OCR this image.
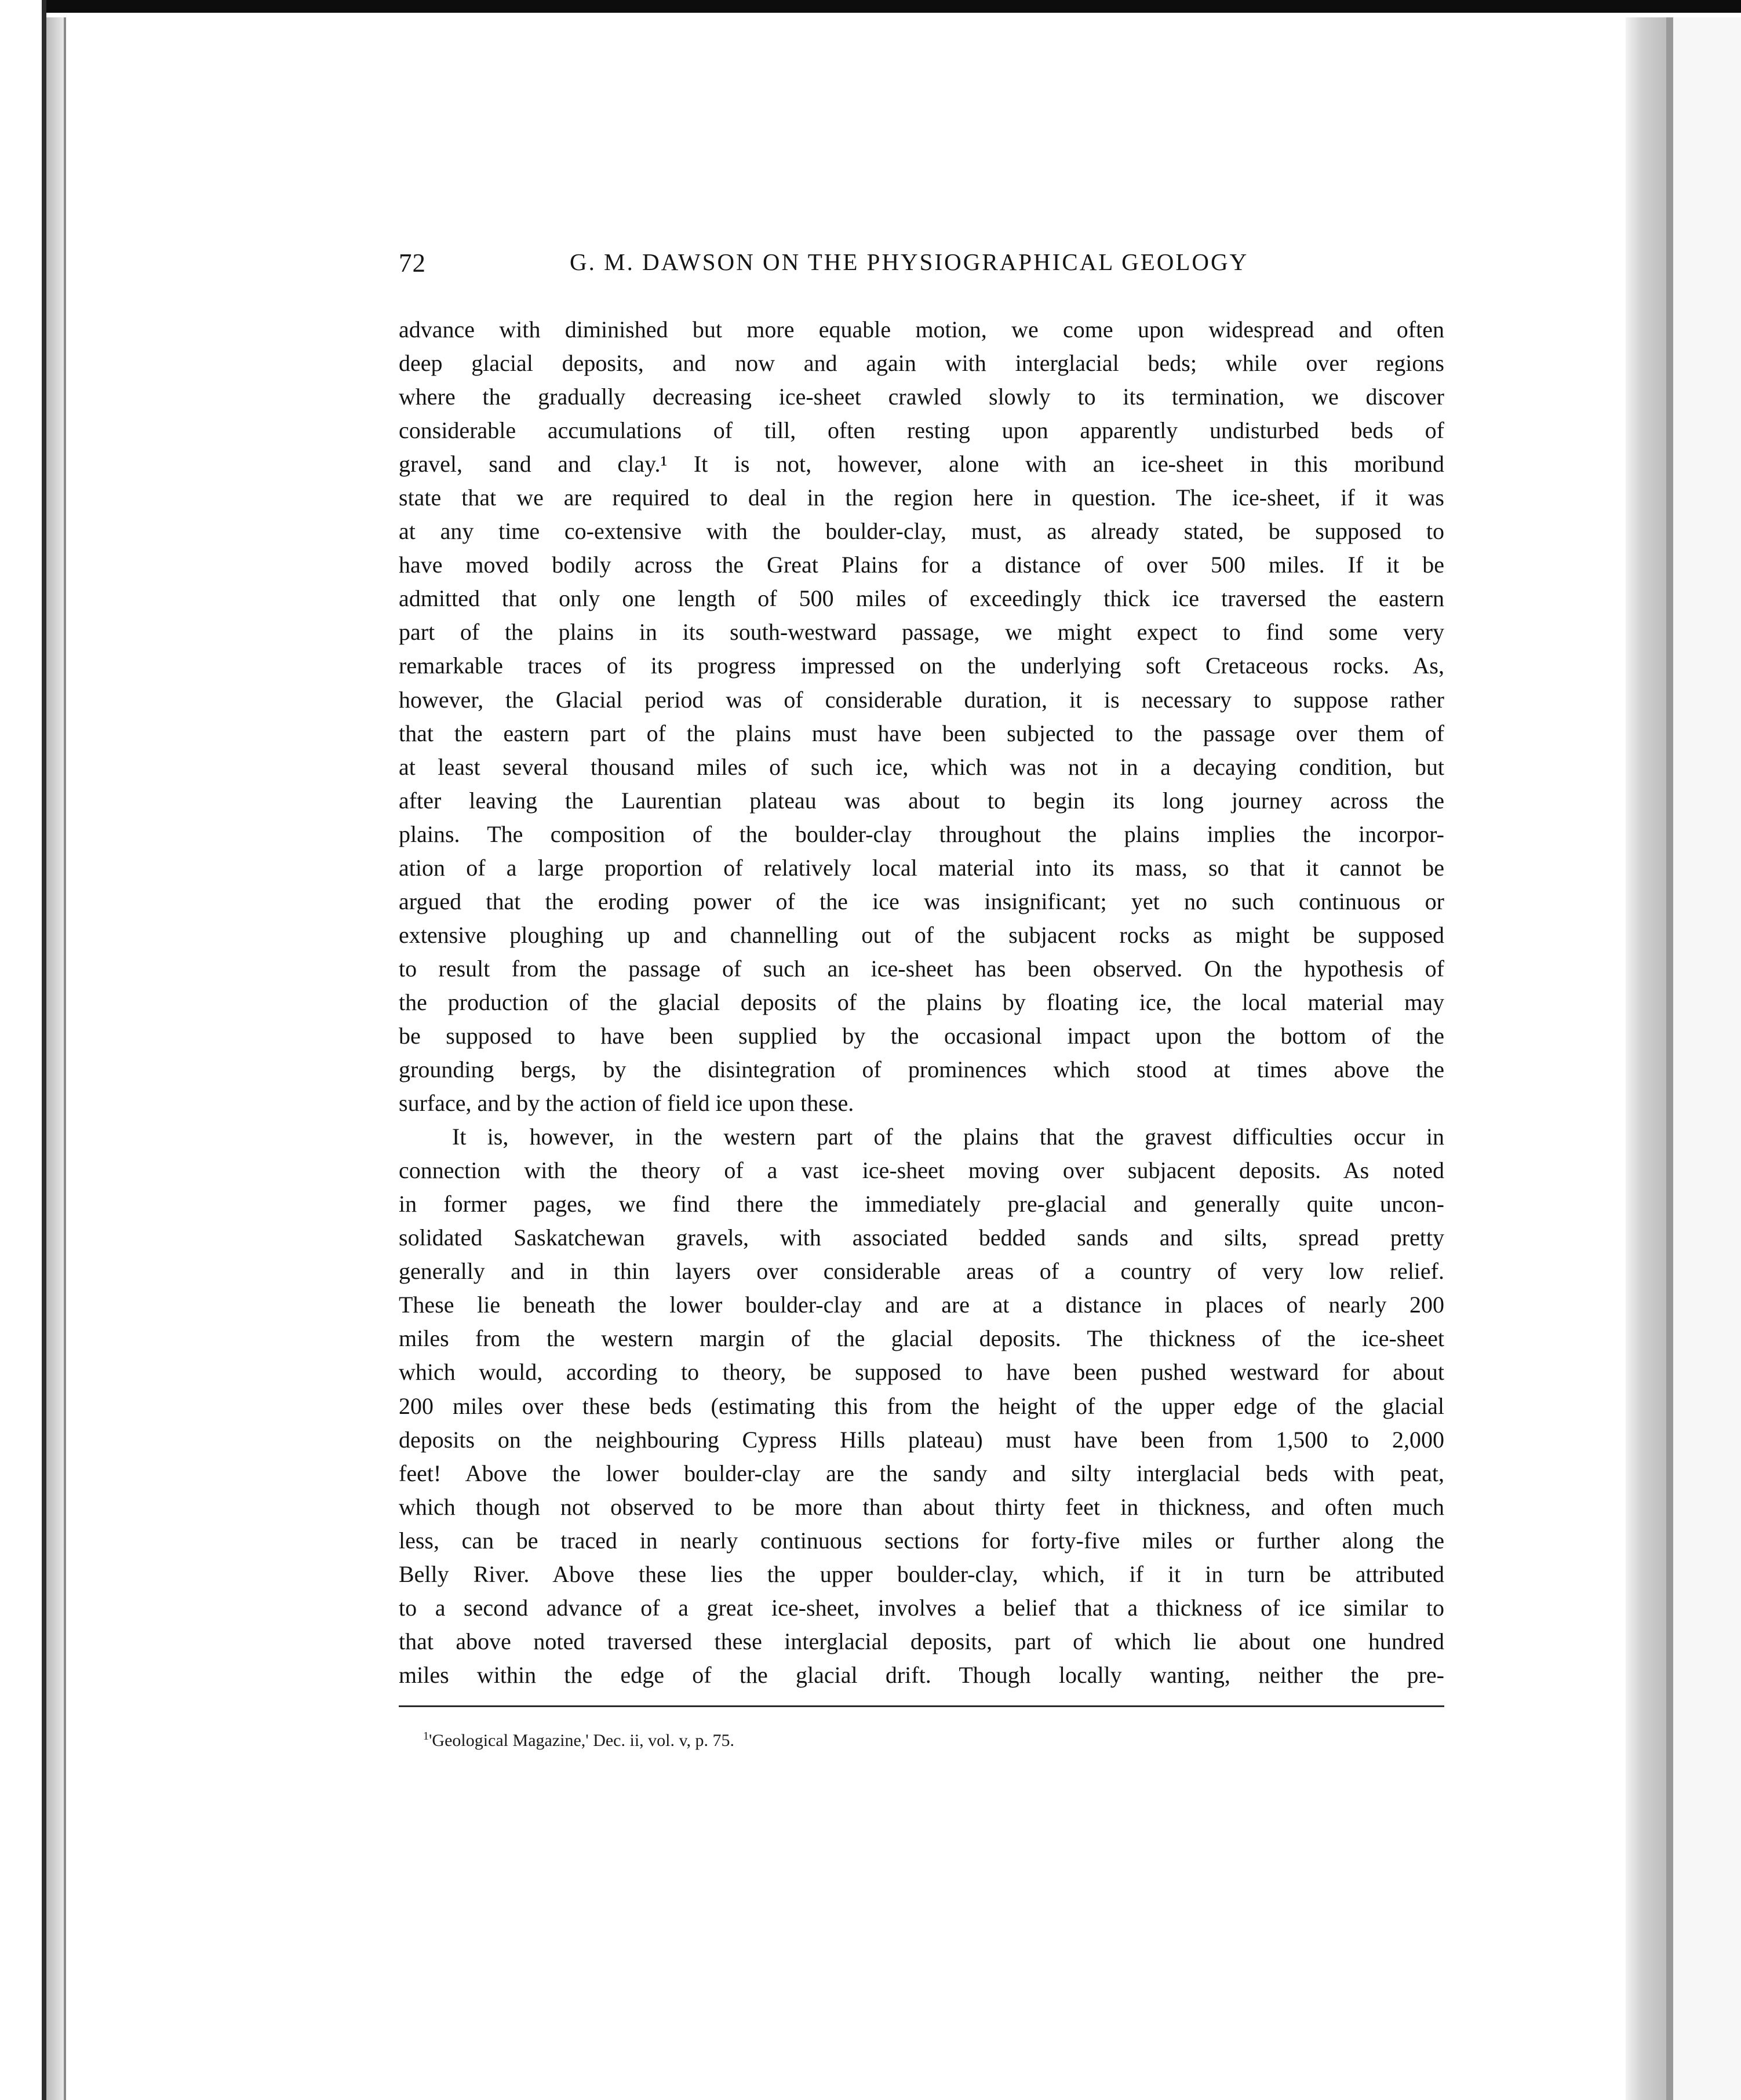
72	G. M. DAWSON ON THE PHYSIOGRAPHICAL GEOLOGY
advance with diminished but more equable motion, we come upon widespread and often
deep glacial deposits, and now and again with interglacial beds; while over regions
where the gradually decreasing ice-sheet crawled slowly to its termination, we discover
considerable accumulations of till, often resting upon apparently undisturbed beds of
gravel, sand and clay.¹ It is not, however, alone with an ice-sheet in this moribund
state that we are required to deal in the region here in question. The ice-sheet, if it was
at any time co-extensive with the boulder-clay, must, as already stated, be supposed to
have moved bodily across the Great Plains for a distance of over 500 miles. If it be
admitted that only one length of 500 miles of exceedingly thick ice traversed the eastern
part of the plains in its south-westward passage, we might expect to find some very
remarkable traces of its progress impressed on the underlying soft Cretaceous rocks. As,
however, the Glacial period was of considerable duration, it is necessary to suppose rather
that the eastern part of the plains must have been subjected to the passage over them of
at least several thousand miles of such ice, which was not in a decaying condition, but
after leaving the Laurentian plateau was about to begin its long journey across the
plains. The composition of the boulder-clay throughout the plains implies the incorpor-
ation of a large proportion of relatively local material into its mass, so that it cannot be
argued that the eroding power of the ice was insignificant; yet no such continuous or
extensive ploughing up and channelling out of the subjacent rocks as might be supposed
to result from the passage of such an ice-sheet has been observed. On the hypothesis of
the production of the glacial deposits of the plains by floating ice, the local material may
be supposed to have been supplied by the occasional impact upon the bottom of the
grounding bergs, by the disintegration of prominences which stood at times above the
surface, and by the action of field ice upon these.
It is, however, in the western part of the plains that the gravest difficulties occur in
connection with the theory of a vast ice-sheet moving over subjacent deposits. As noted
in former pages, we find there the immediately pre-glacial and generally quite uncon-
solidated Saskatchewan gravels, with associated bedded sands and silts, spread pretty
generally and in thin layers over considerable areas of a country of very low relief.
These lie beneath the lower boulder-clay and are at a distance in places of nearly 200
miles from the western margin of the glacial deposits. The thickness of the ice-sheet
which would, according to theory, be supposed to have been pushed westward for about
200 miles over these beds (estimating this from the height of the upper edge of the glacial
deposits on the neighbouring Cypress Hills plateau) must have been from 1,500 to 2,000
feet! Above the lower boulder-clay are the sandy and silty interglacial beds with peat,
which though not observed to be more than about thirty feet in thickness, and often much
less, can be traced in nearly continuous sections for forty-five miles or further along the
Belly River. Above these lies the upper boulder-clay, which, if it in turn be attributed
to a second advance of a great ice-sheet, involves a belief that a thickness of ice similar to
that above noted traversed these interglacial deposits, part of which lie about one hundred
miles within the edge of the glacial drift. Though locally wanting, neither the pre-
$^1$'Geological Magazine,' Dec. ii, vol. v, p. 75.
